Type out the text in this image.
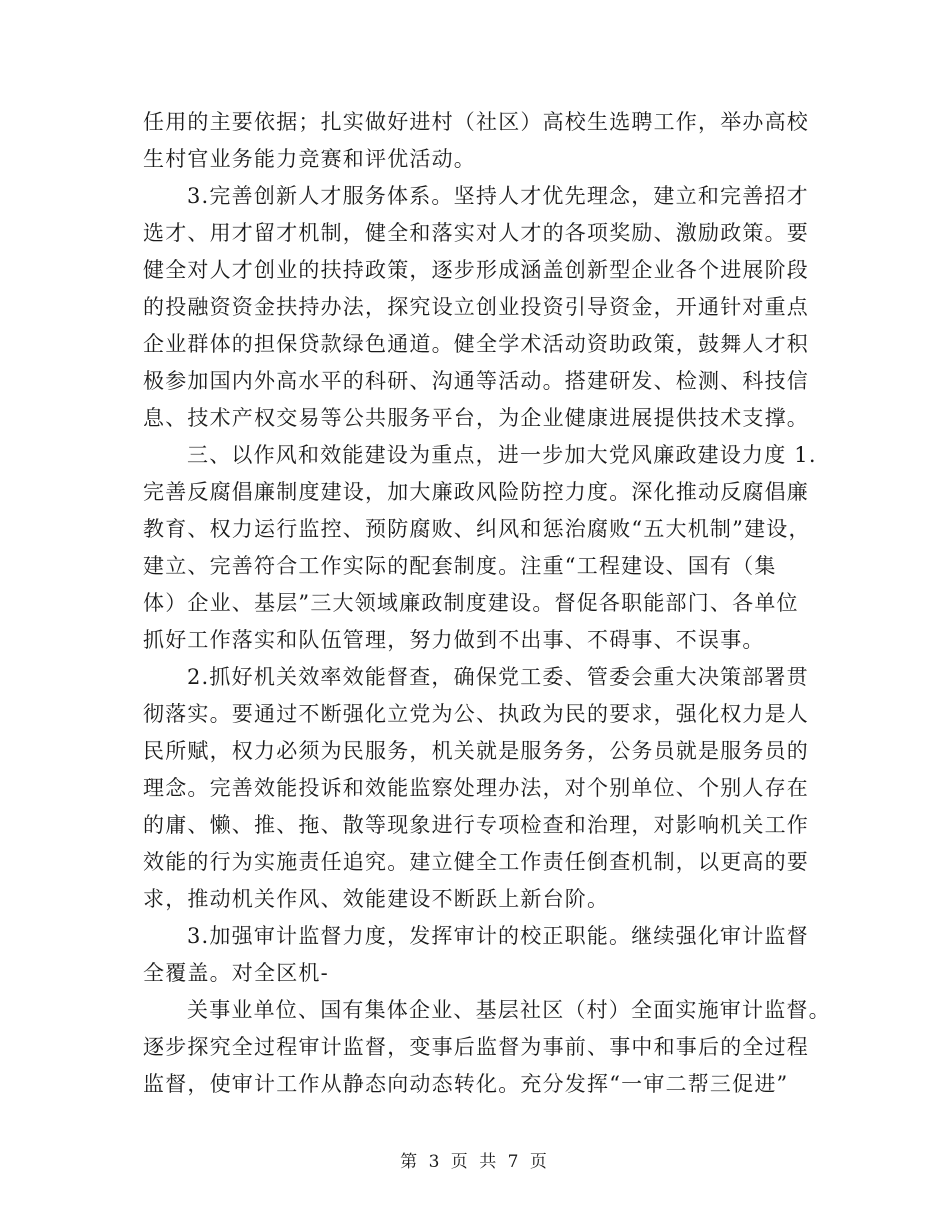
任用的主要依据；扎实做好进村（社区）高校生选聘工作，举办高校
生村官业务能力竞赛和评优活动。
3.完善创新人才服务体系。坚持人才优先理念，建立和完善招才
选才、用才留才机制，健全和落实对人才的各项奖励、激励政策。要
健全对人才创业的扶持政策，逐步形成涵盖创新型企业各个进展阶段
的投融资资金扶持办法，探究设立创业投资引导资金，开通针对重点
企业群体的担保贷款绿色通道。健全学术活动资助政策，鼓舞人才积
极参加国内外高水平的科研、沟通等活动。搭建研发、检测、科技信
息、技术产权交易等公共服务平台，为企业健康进展提供技术支撑。
三、以作风和效能建设为重点，进一步加大党风廉政建设力度 1.
完善反腐倡廉制度建设，加大廉政风险防控力度。深化推动反腐倡廉
教育、权力运行监控、预防腐败、纠风和惩治腐败“五大机制”建设，
建立、完善符合工作实际的配套制度。注重“工程建设、国有（集
体）企业、基层”三大领域廉政制度建设。督促各职能部门、各单位
抓好工作落实和队伍管理，努力做到不出事、不碍事、不误事。
2.抓好机关效率效能督查，确保党工委、管委会重大决策部署贯
彻落实。要通过不断强化立党为公、执政为民的要求，强化权力是人
民所赋，权力必须为民服务，机关就是服务务，公务员就是服务员的
理念。完善效能投诉和效能监察处理办法，对个别单位、个别人存在
的庸、懒、推、拖、散等现象进行专项检查和治理，对影响机关工作
效能的行为实施责任追究。建立健全工作责任倒查机制，以更高的要
求，推动机关作风、效能建设不断跃上新台阶。
3.加强审计监督力度，发挥审计的校正职能。继续强化审计监督
全覆盖。对全区机-
关事业单位、国有集体企业、基层社区（村）全面实施审计监督。
逐步探究全过程审计监督，变事后监督为事前、事中和事后的全过程
监督，使审计工作从静态向动态转化。充分发挥“一审二帮三促进”
第 3 页 共 7 页
